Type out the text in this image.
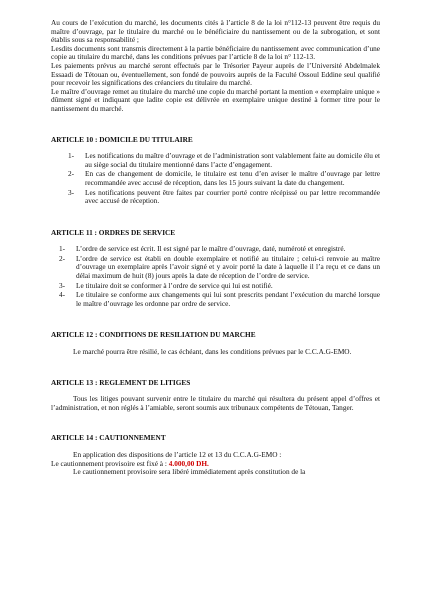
Au cours de l’exécution du marché, les documents cités à l’article 8 de la loi n°112-13 peuvent être requis du maître d’ouvrage, par le titulaire du marché ou le bénéficiaire du nantissement ou de la subrogation, et sont établis sous sa responsabilité ;

Lesdits documents sont transmis directement à la partie bénéficiaire du nantissement avec communication d’une copie au titulaire du marché, dans les conditions prévues par l’article 8 de la loi n° 112-13.

Les paiements prévus au marché seront effectués par le Trésorier Payeur auprès de l’Université Abdelmalek Essaadi de Tétouan ou, éventuellement, son fondé de pouvoirs auprès de la Faculté Ossoul Eddine seul qualifié pour recevoir les significations des créanciers du titulaire du marché.

Le maître d’ouvrage remet au titulaire du marché une copie du marché portant la mention « exemplaire unique » dûment signé et indiquant que ladite copie est délivrée en exemplaire unique destiné à former titre pour le nantissement du marché.

ARTICLE 10 : DOMICILE DU TITULAIRE

1- Les notifications du maître d’ouvrage et de l’administration sont valablement faite au domicile élu et au siège social du titulaire mentionné dans l’acte d’engagement.
2- En cas de changement de domicile, le titulaire est tenu d’en aviser le maître d’ouvrage par lettre recommandée avec accusé de réception, dans les 15 jours suivant la date du changement.
3- Les notifications peuvent être faites par courrier porté contre récépissé ou par lettre recommandée avec accusé de réception.

ARTICLE 11 : ORDRES DE SERVICE

1- L’ordre de service est écrit. Il est signé par le maître d’ouvrage, daté, numéroté et enregistré.
2- L’ordre de service est établi en double exemplaire et notifié au titulaire ; celui-ci renvoie au maître d’ouvrage un exemplaire après l’avoir signé et y avoir porté la date à laquelle il l’a reçu et ce dans un délai maximum de huit (8) jours après la date de réception de l’ordre de service.
3- Le titulaire doit se conformer à l’ordre de service qui lui est notifié.
4- Le titulaire se conforme aux changements qui lui sont prescrits pendant l’exécution du marché lorsque le maître d’ouvrage les ordonne par ordre de service.

ARTICLE 12 : CONDITIONS DE RESILIATION DU MARCHE

Le marché pourra être résilié, le cas échéant, dans les conditions prévues par le C.C.A.G-EMO.

ARTICLE 13 : REGLEMENT DE LITIGES

Tous les litiges pouvant survenir entre le titulaire du marché qui résultera du présent appel d’offres et l’administration, et non réglés à l’amiable, seront soumis aux tribunaux compétents de Tétouan, Tanger.

ARTICLE 14 : CAUTIONNEMENT

En application des dispositions de l’article 12 et 13 du C.C.A.G-EMO :

Le cautionnement provisoire est fixé à : 4.000,00 DH.

Le cautionnement provisoire sera libéré immédiatement après constitution de la
